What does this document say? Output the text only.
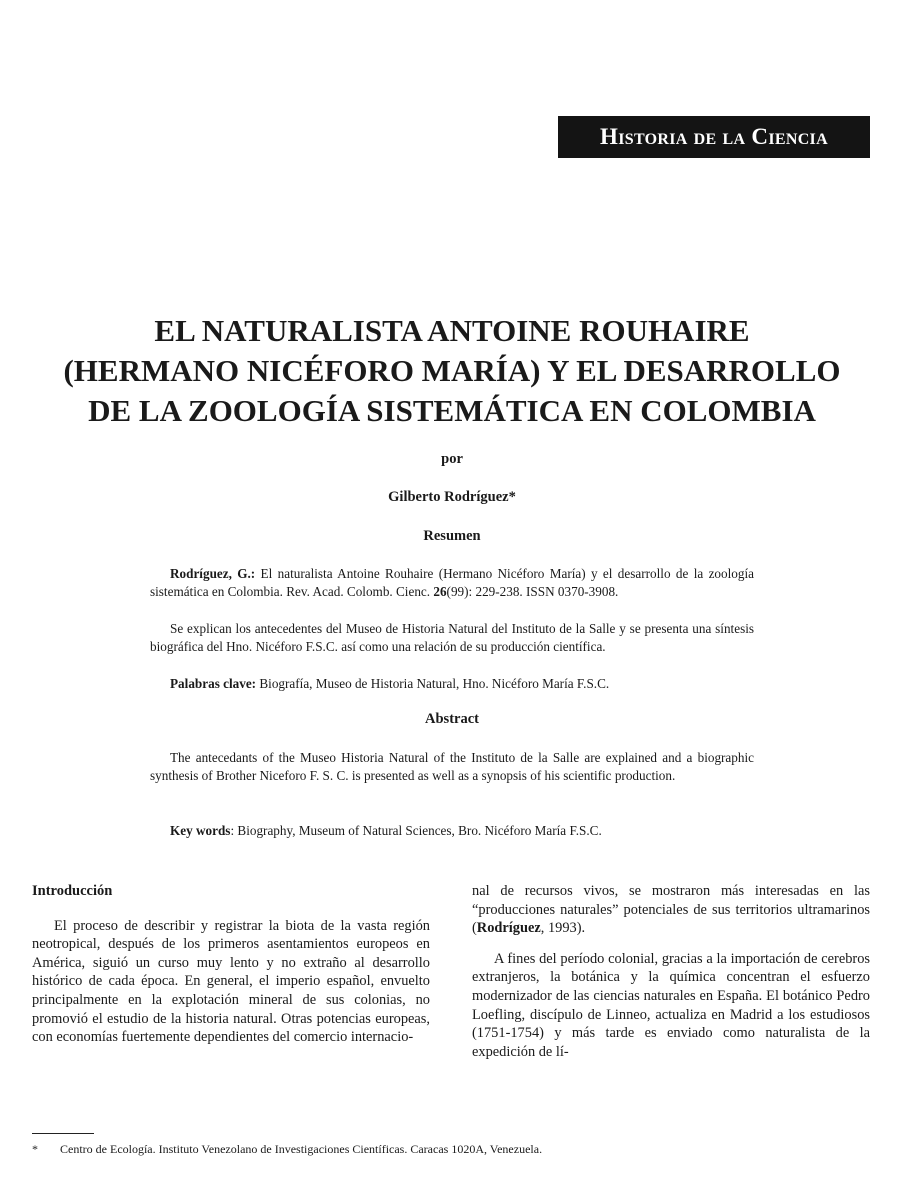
Historia de la Ciencia
EL NATURALISTA ANTOINE ROUHAIRE
(HERMANO NICÉFORO MARÍA) Y EL DESARROLLO
DE LA ZOOLOGÍA SISTEMÁTICA EN COLOMBIA
por
Gilberto Rodríguez*
Resumen

Rodríguez, G.: El naturalista Antoine Rouhaire (Hermano Nicéforo María) y el desarrollo de la zoología sistemática en Colombia. Rev. Acad. Colomb. Cienc. 26(99): 229-238. ISSN 0370-3908.

Se explican los antecedentes del Museo de Historia Natural del Instituto de la Salle y se presenta una síntesis biográfica del Hno. Nicéforo F.S.C. así como una relación de su producción científica.

Palabras clave: Biografía, Museo de Historia Natural, Hno. Nicéforo María F.S.C.

Abstract

The antecedants of the Museo Historia Natural of the Instituto de la Salle are explained and a biographic synthesis of Brother Niceforo F. S. C. is presented as well as a synopsis of his scientific production.

Key words: Biography, Museum of Natural Sciences, Bro. Nicéforo María F.S.C.

Introducción

El proceso de describir y registrar la biota de la vasta región neotropical, después de los primeros asentamientos europeos en América, siguió un curso muy lento y no extraño al desarrollo histórico de cada época. En general, el imperio español, envuelto principalmente en la explotación mineral de sus colonias, no promovió el estudio de la historia natural. Otras potencias europeas, con economías fuertemente dependientes del comercio internacio-

nal de recursos vivos, se mostraron más interesadas en las “producciones naturales” potenciales de sus territorios ultramarinos (Rodríguez, 1993).

A fines del período colonial, gracias a la importación de cerebros extranjeros, la botánica y la química concentran el esfuerzo modernizador de las ciencias naturales en España. El botánico Pedro Loefling, discípulo de Linneo, actualiza en Madrid a los estudiosos (1751-1754) y más tarde es enviado como naturalista de la expedición de lí-

* Centro de Ecología. Instituto Venezolano de Investigaciones Científicas. Caracas 1020A, Venezuela.
